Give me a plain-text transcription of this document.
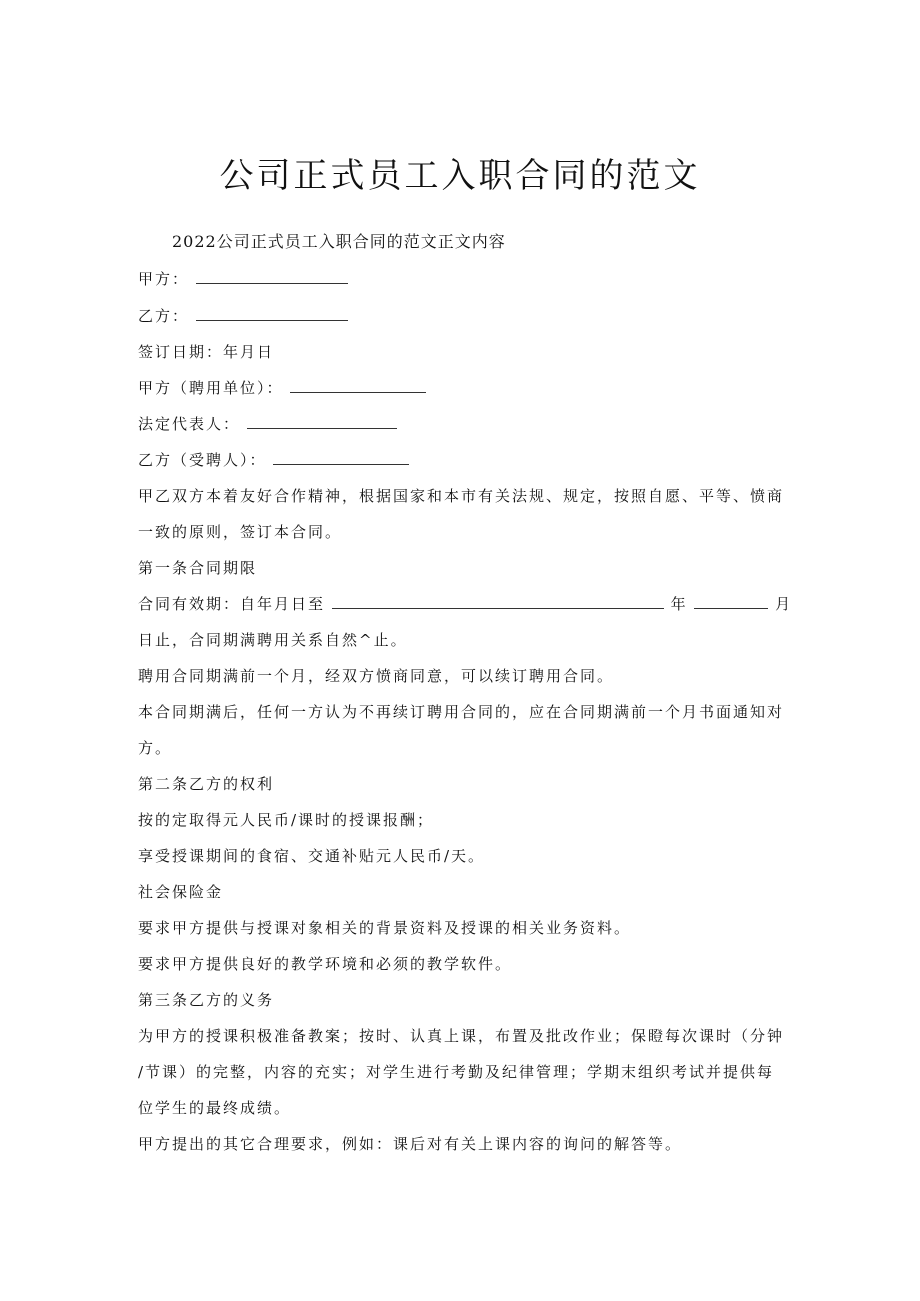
公司正式员工入职合同的范文

2022公司正式员工入职合同的范文正文内容

甲方：

乙方：

签订日期：年月日

甲方（聘用单位）：

法定代表人：

乙方（受聘人）：

甲乙双方本着友好合作精神，根据国家和本市有关法规、规定，按照自愿、平等、愤商

一致的原则，签订本合同。

第一条合同期限

合同有效期：自年月日至	年	月

日止，合同期满聘用关系自然^止。

聘用合同期满前一个月，经双方愤商同意，可以续订聘用合同。

本合同期满后，任何一方认为不再续订聘用合同的，应在合同期满前一个月书面通知对

方。

第二条乙方的权利

按的定取得元人民币/课时的授课报酬；

享受授课期间的食宿、交通补贴元人民币/天。

社会保险金

要求甲方提供与授课对象相关的背景资料及授课的相关业务资料。

要求甲方提供良好的教学环境和必须的教学软件。

第三条乙方的义务

为甲方的授课积极准备教案；按时、认真上课，布置及批改作业；保瞪每次课时（分钟

/节课）的完整，内容的充实；对学生进行考勤及纪律管理；学期末组织考试并提供每

位学生的最终成绩。

甲方提出的其它合理要求，例如：课后对有关上课内容的询问的解答等。
